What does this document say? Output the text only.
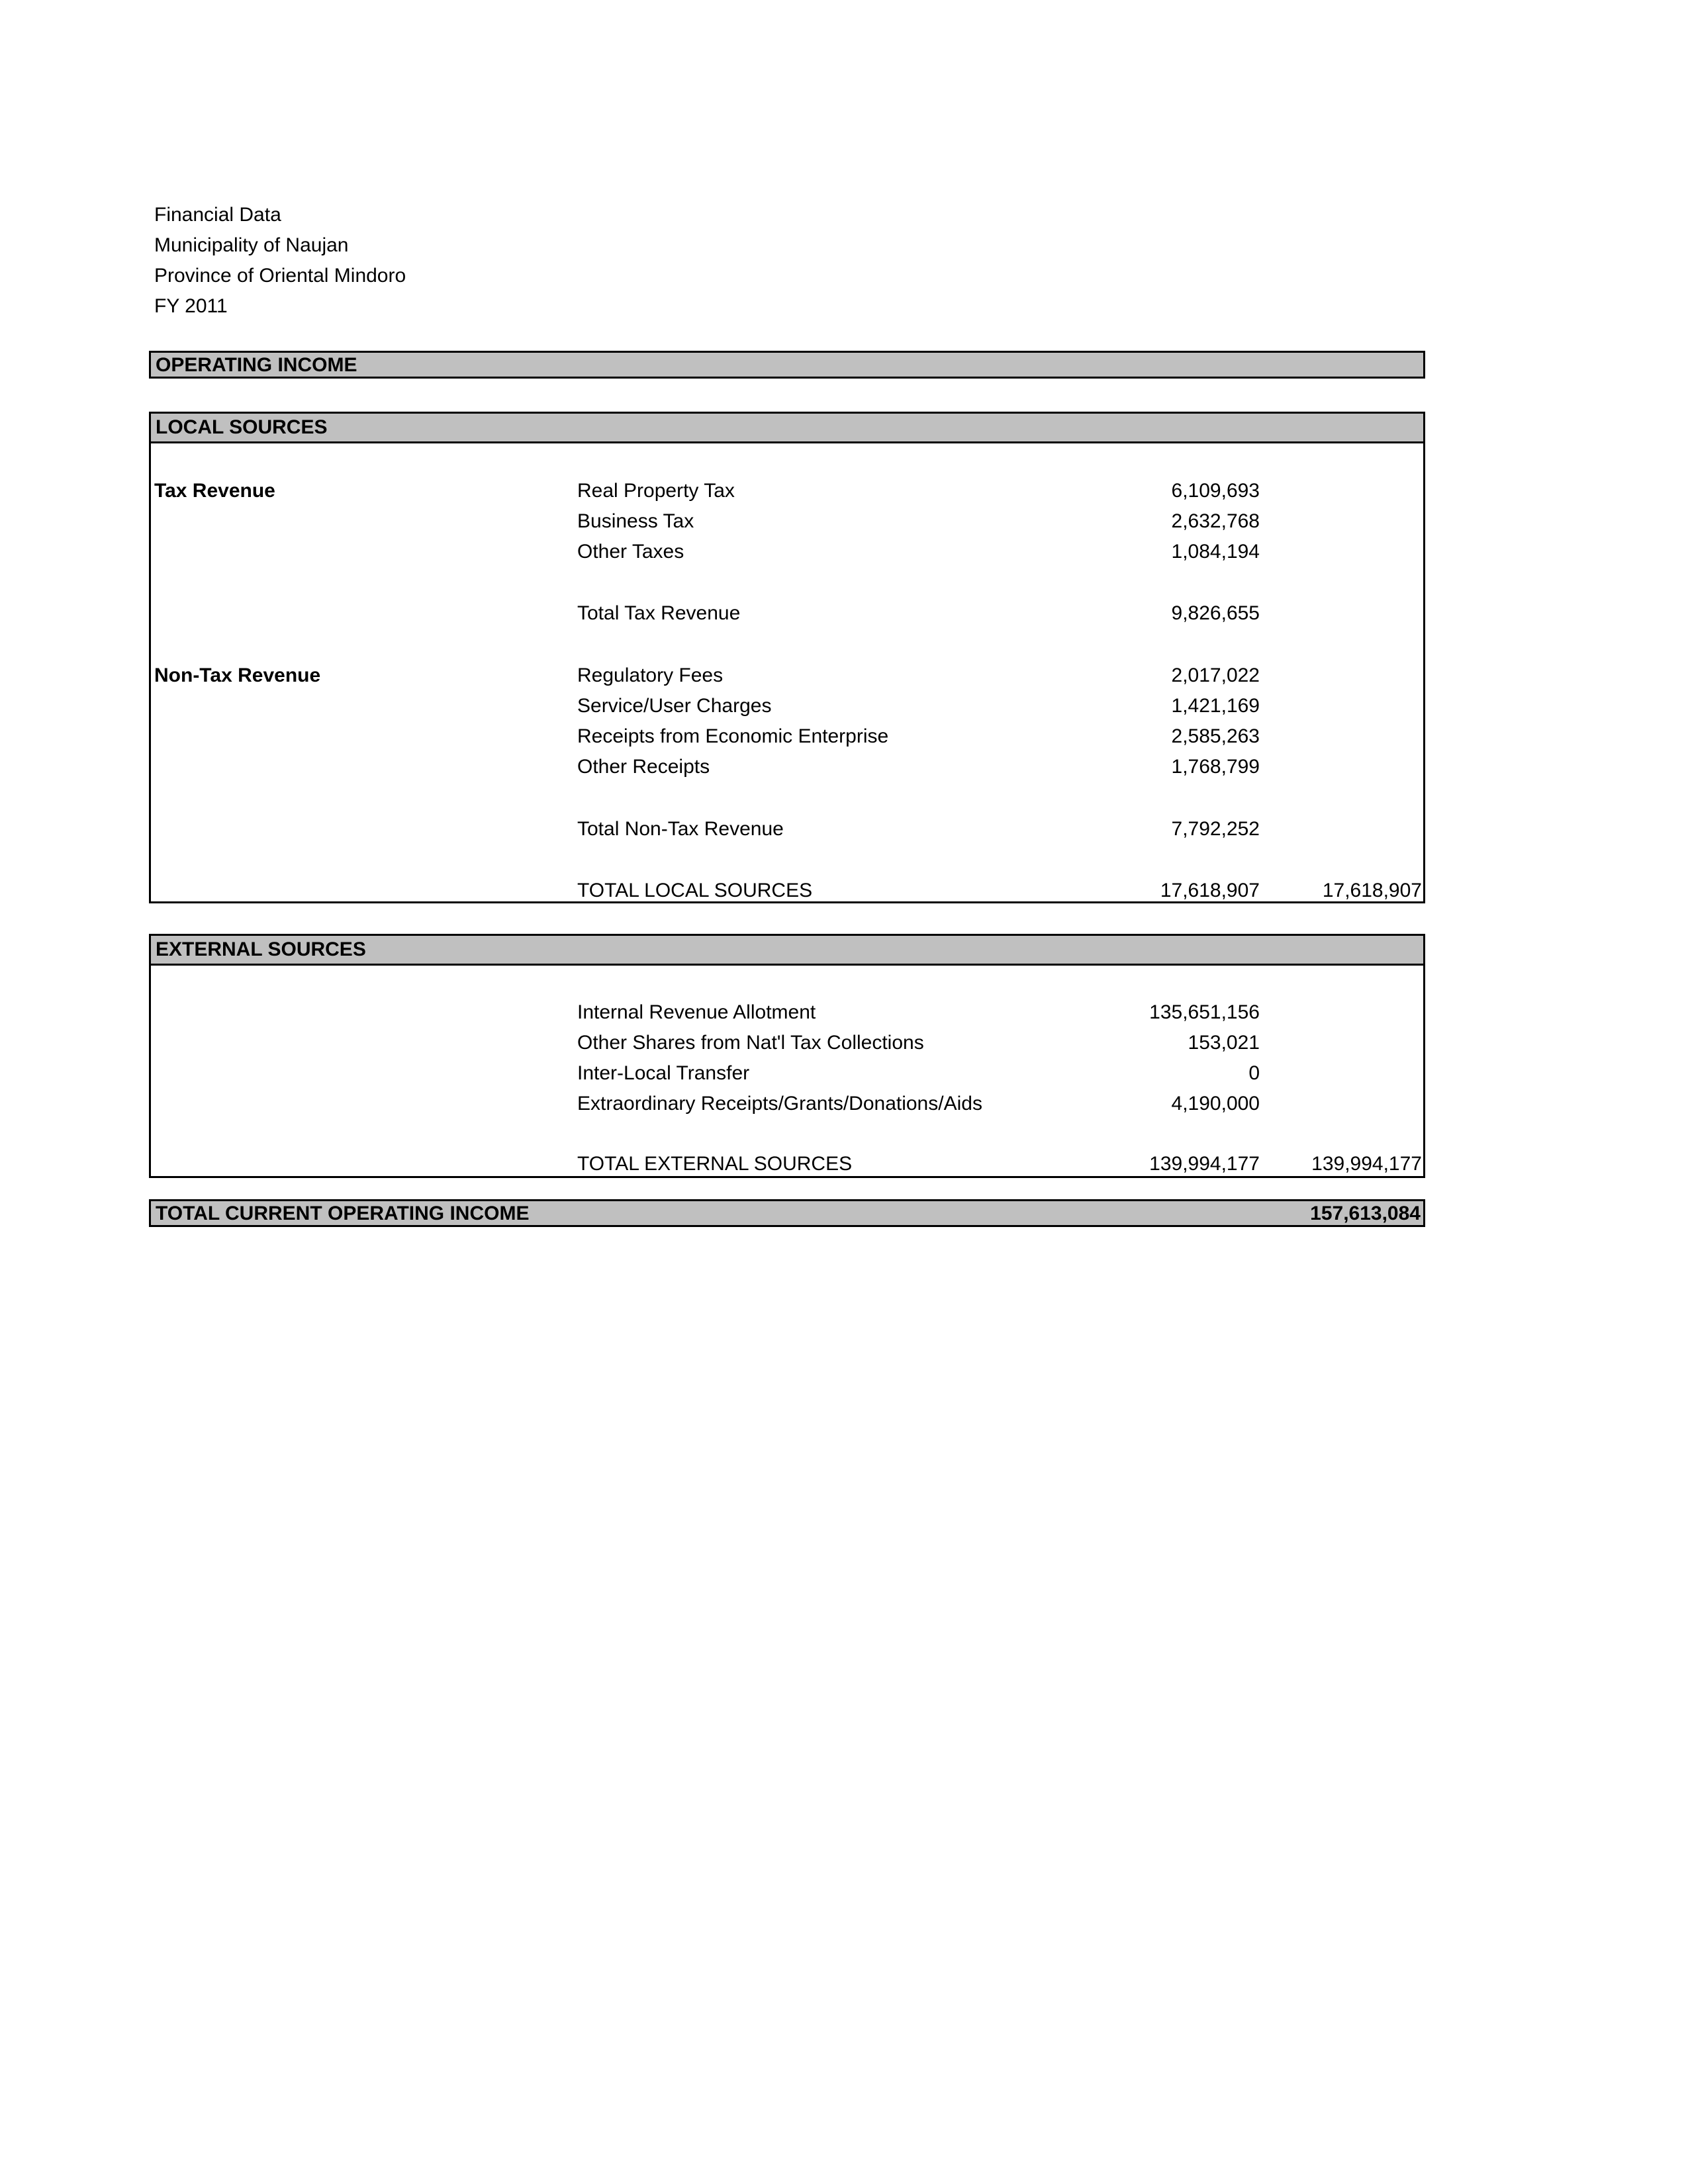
Financial Data
Municipality of Naujan
Province of Oriental Mindoro
FY 2011
OPERATING INCOME
LOCAL SOURCES
Tax Revenue	Real Property Tax	6,109,693
Business Tax	2,632,768
Other Taxes	1,084,194
Total Tax Revenue	9,826,655
Non-Tax Revenue	Regulatory Fees	2,017,022
Service/User Charges	1,421,169
Receipts from Economic Enterprise	2,585,263
Other Receipts	1,768,799
Total Non-Tax Revenue	7,792,252
TOTAL LOCAL SOURCES	17,618,907	17,618,907
EXTERNAL SOURCES
Internal Revenue Allotment	135,651,156
Other Shares from Nat'l Tax Collections	153,021
Inter-Local Transfer	0
Extraordinary Receipts/Grants/Donations/Aids	4,190,000
TOTAL EXTERNAL SOURCES	139,994,177	139,994,177
TOTAL CURRENT OPERATING INCOME	157,613,084
